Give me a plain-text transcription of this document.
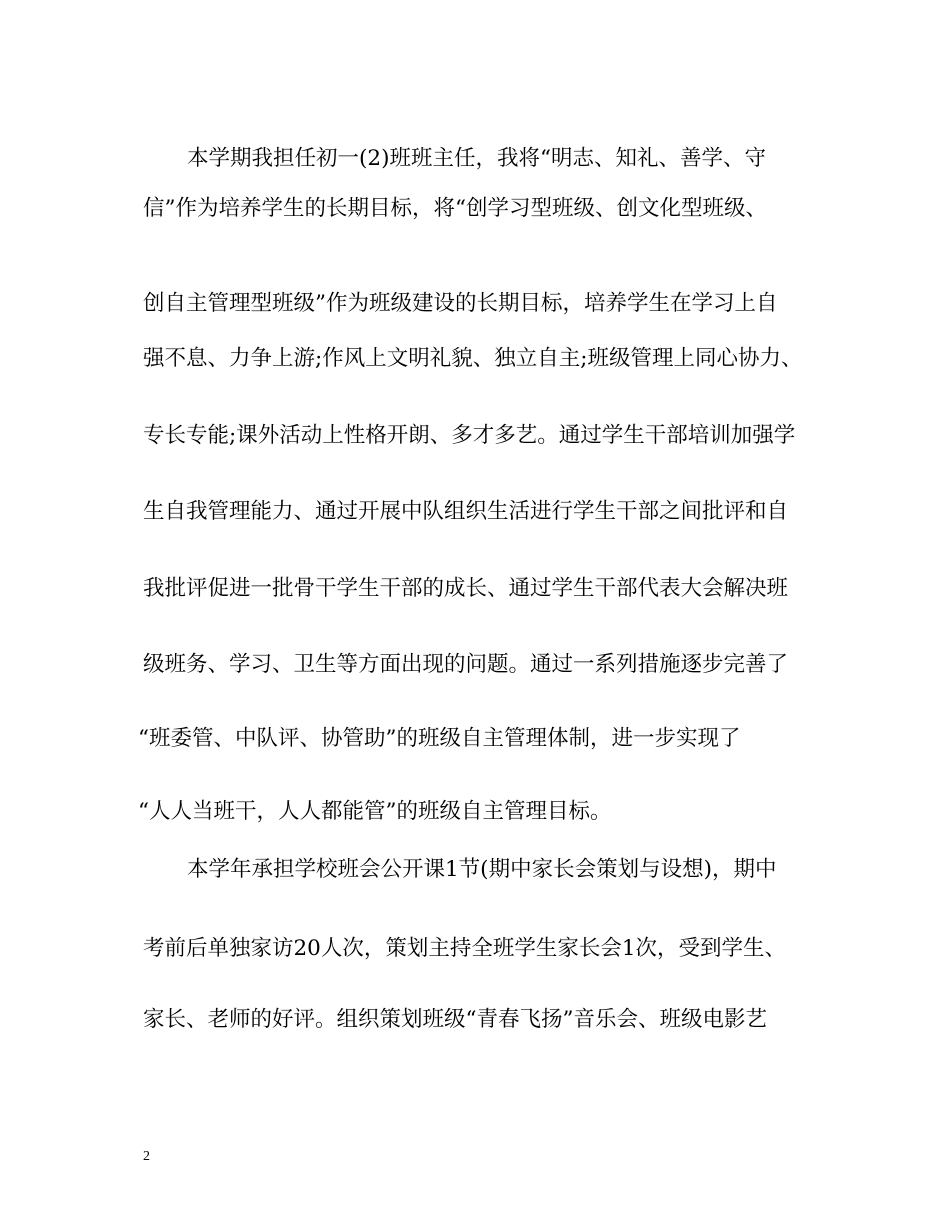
本学期我担任初一(2)班班主任，我将“明志、知礼、善学、守
信”作为培养学生的长期目标，将“创学习型班级、创文化型班级、
创自主管理型班级”作为班级建设的长期目标，培养学生在学习上自
强不息、力争上游;作风上文明礼貌、独立自主;班级管理上同心协力、
专长专能;课外活动上性格开朗、多才多艺。通过学生干部培训加强学
生自我管理能力、通过开展中队组织生活进行学生干部之间批评和自
我批评促进一批骨干学生干部的成长、通过学生干部代表大会解决班
级班务、学习、卫生等方面出现的问题。通过一系列措施逐步完善了
“班委管、中队评、协管助”的班级自主管理体制，进一步实现了
“人人当班干，人人都能管”的班级自主管理目标。
本学年承担学校班会公开课1节(期中家长会策划与设想)，期中
考前后单独家访20人次，策划主持全班学生家长会1次，受到学生、
家长、老师的好评。组织策划班级“青春飞扬”音乐会、班级电影艺
2
